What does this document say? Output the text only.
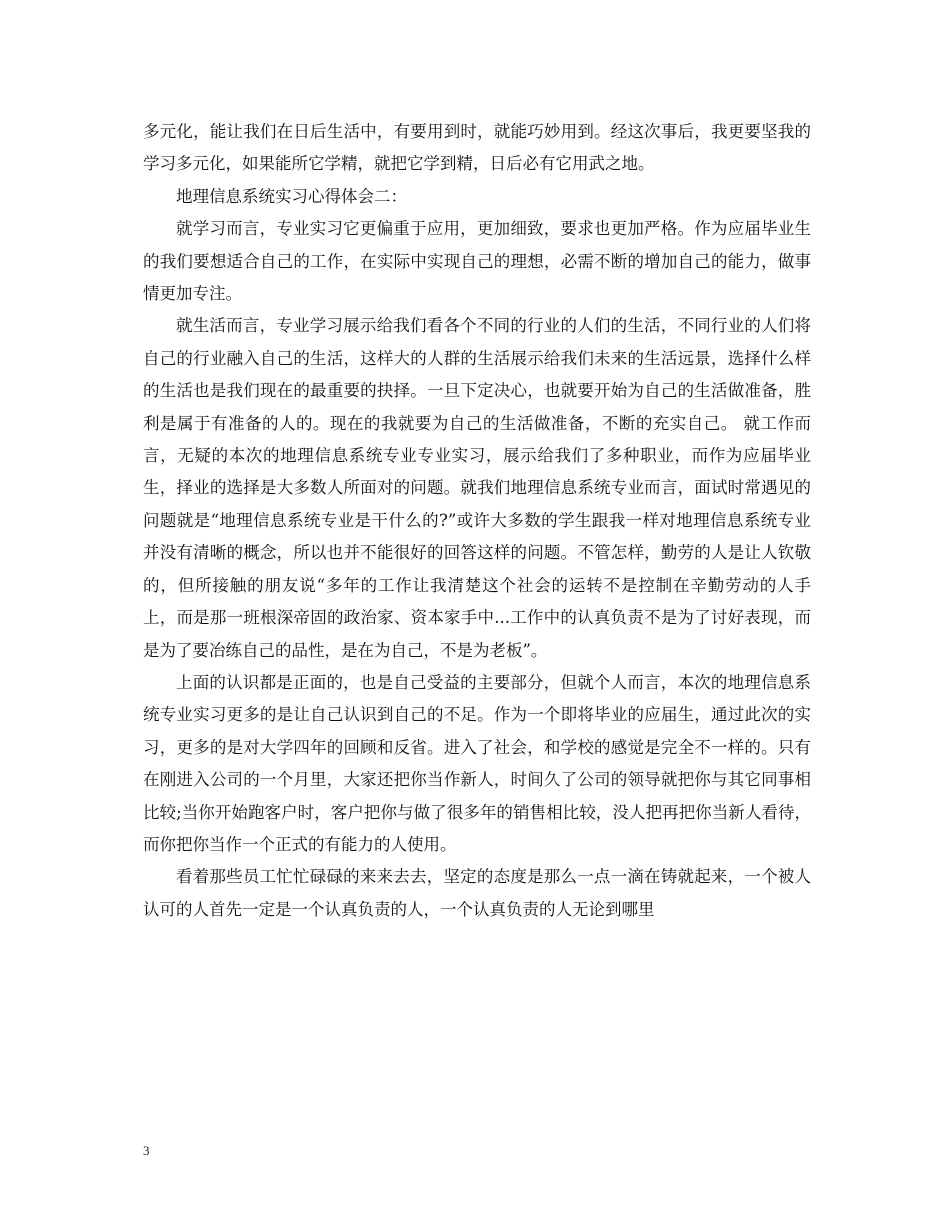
多元化，能让我们在日后生活中，有要用到时，就能巧妙用到。经这次事后，我更要坚我的学习多元化，如果能所它学精，就把它学到精，日后必有它用武之地。

地理信息系统实习心得体会二：

就学习而言，专业实习它更偏重于应用，更加细致，要求也更加严格。作为应届毕业生的我们要想适合自己的工作，在实际中实现自己的理想，必需不断的增加自己的能力，做事情更加专注。

就生活而言，专业学习展示给我们看各个不同的行业的人们的生活，不同行业的人们将自己的行业融入自己的生活，这样大的人群的生活展示给我们未来的生活远景，选择什么样的生活也是我们现在的最重要的抉择。一旦下定决心，也就要开始为自己的生活做准备，胜利是属于有准备的人的。现在的我就要为自己的生活做准备，不断的充实自己。 就工作而言，无疑的本次的地理信息系统专业专业实习，展示给我们了多种职业，而作为应届毕业生，择业的选择是大多数人所面对的问题。就我们地理信息系统专业而言，面试时常遇见的问题就是“地理信息系统专业是干什么的?”或许大多数的学生跟我一样对地理信息系统专业并没有清晰的概念，所以也并不能很好的回答这样的问题。不管怎样，勤劳的人是让人钦敬的，但所接触的朋友说“多年的工作让我清楚这个社会的运转不是控制在辛勤劳动的人手上，而是那一班根深帝固的政治家、资本家手中...工作中的认真负责不是为了讨好表现，而是为了要冶练自己的品性，是在为自己，不是为老板”。

上面的认识都是正面的，也是自己受益的主要部分，但就个人而言，本次的地理信息系统专业实习更多的是让自己认识到自己的不足。作为一个即将毕业的应届生，通过此次的实习，更多的是对大学四年的回顾和反省。进入了社会，和学校的感觉是完全不一样的。只有在刚进入公司的一个月里，大家还把你当作新人，时间久了公司的领导就把你与其它同事相比较;当你开始跑客户时，客户把你与做了很多年的销售相比较，没人把再把你当新人看待，而你把你当作一个正式的有能力的人使用。

看着那些员工忙忙碌碌的来来去去，坚定的态度是那么一点一滴在铸就起来，一个被人认可的人首先一定是一个认真负责的人，一个认真负责的人无论到哪里

3
